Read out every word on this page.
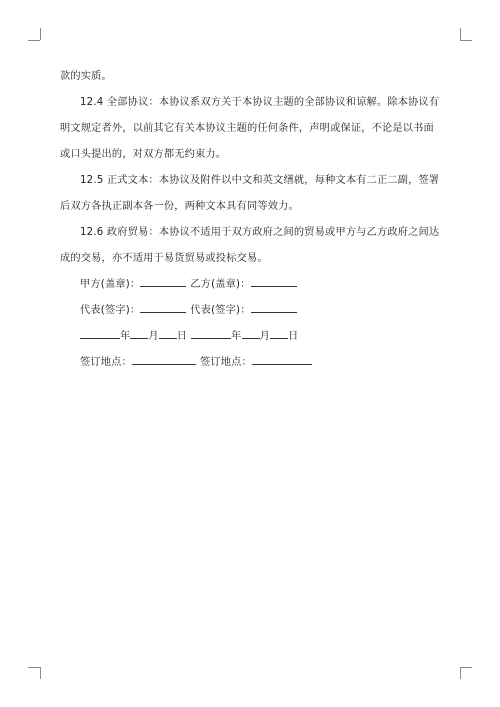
款的实质。

12.4 全部协议：本协议系双方关于本协议主题的全部协议和谅解。除本协议有明文规定者外，以前其它有关本协议主题的任何条件，声明或保证，不论是以书面或口头提出的，对双方都无约束力。

12.5 正式文本：本协议及附件以中文和英文缮就，每种文本有二正二副，签署后双方各执正副本各一份，两种文本具有同等效力。

12.6 政府贸易：本协议不适用于双方政府之间的贸易或甲方与乙方政府之间达成的交易，亦不适用于易货贸易或投标交易。

甲方(盖章)：	乙方(盖章)：

代表(签字)：	代表(签字)：

年 月 日	年 月 日

签订地点：	签订地点：
